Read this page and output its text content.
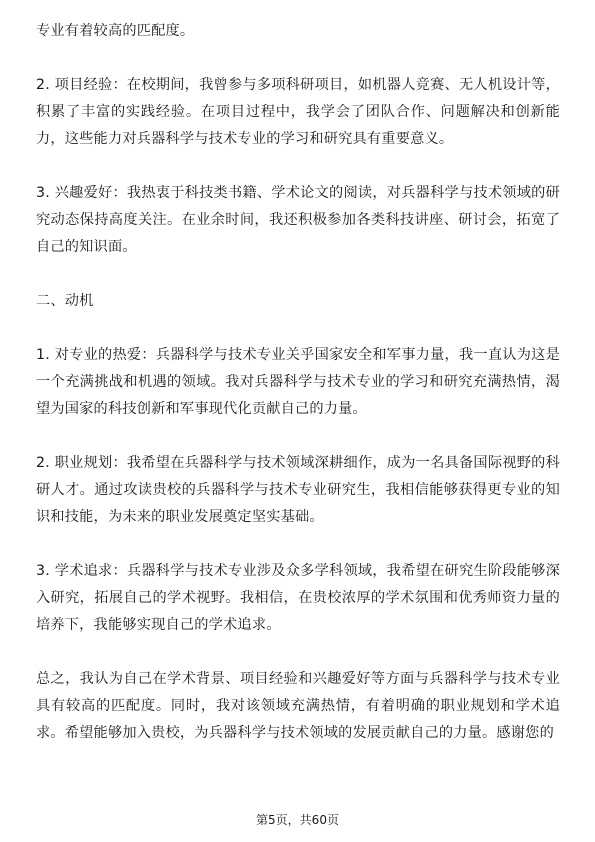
专业有着较高的匹配度。

2. 项目经验：在校期间，我曾参与多项科研项目，如机器人竞赛、无人机设计等，积累了丰富的实践经验。在项目过程中，我学会了团队合作、问题解决和创新能力，这些能力对兵器科学与技术专业的学习和研究具有重要意义。

3. 兴趣爱好：我热衷于科技类书籍、学术论文的阅读，对兵器科学与技术领域的研究动态保持高度关注。在业余时间，我还积极参加各类科技讲座、研讨会，拓宽了自己的知识面。

二、动机

1. 对专业的热爱：兵器科学与技术专业关乎国家安全和军事力量，我一直认为这是一个充满挑战和机遇的领域。我对兵器科学与技术专业的学习和研究充满热情，渴望为国家的科技创新和军事现代化贡献自己的力量。

2. 职业规划：我希望在兵器科学与技术领域深耕细作，成为一名具备国际视野的科研人才。通过攻读贵校的兵器科学与技术专业研究生，我相信能够获得更专业的知识和技能，为未来的职业发展奠定坚实基础。

3. 学术追求：兵器科学与技术专业涉及众多学科领域，我希望在研究生阶段能够深入研究，拓展自己的学术视野。我相信，在贵校浓厚的学术氛围和优秀师资力量的培养下，我能够实现自己的学术追求。

总之，我认为自己在学术背景、项目经验和兴趣爱好等方面与兵器科学与技术专业具有较高的匹配度。同时，我对该领域充满热情，有着明确的职业规划和学术追求。希望能够加入贵校，为兵器科学与技术领域的发展贡献自己的力量。感谢您的

第5页，共60页
